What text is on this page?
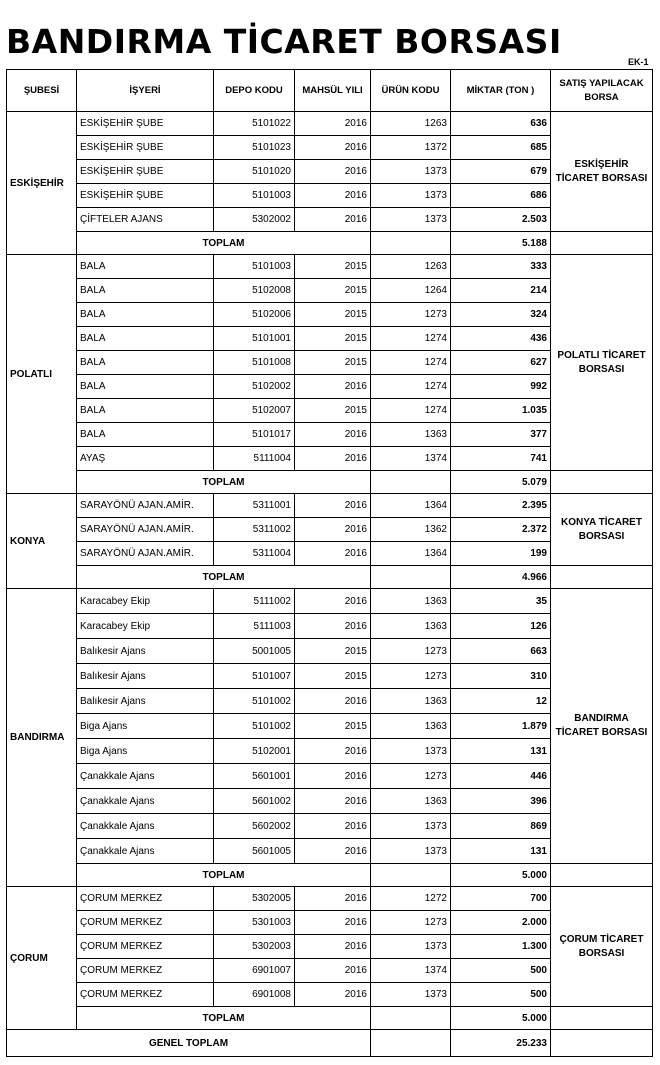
BANDIRMA TİCARET BORSASI
EK-1
ŞUBESİ	İŞYERİ	DEPO KODU	MAHSÜL YILI	ÜRÜN KODU	MİKTAR (TON )	SATIŞ YAPILACAK BORSA
ESKİŞEHİR	ESKİŞEHİR ŞUBE	5101022	2016	1263	636	ESKİŞEHİR TİCARET BORSASI
	ESKİŞEHİR ŞUBE	5101023	2016	1372	685	
	ESKİŞEHİR ŞUBE	5101020	2016	1373	679	
	ESKİŞEHİR ŞUBE	5101003	2016	1373	686	
	ÇİFTELER AJANS	5302002	2016	1373	2.503	
	TOPLAM				5.188	
POLATLI	BALA	5101003	2015	1263	333	POLATLI TİCARET BORSASI
	BALA	5102008	2015	1264	214	
	BALA	5102006	2015	1273	324	
	BALA	5101001	2015	1274	436	
	BALA	5101008	2015	1274	627	
	BALA	5102002	2016	1274	992	
	BALA	5102007	2015	1274	1.035	
	BALA	5101017	2016	1363	377	
	AYAŞ	5111004	2016	1374	741	
	TOPLAM				5.079	
KONYA	SARAYÖNÜ AJAN.AMİR.	5311001	2016	1364	2.395	KONYA TİCARET BORSASI
	SARAYÖNÜ AJAN.AMİR.	5311002	2016	1362	2.372	
	SARAYÖNÜ AJAN.AMİR.	5311004	2016	1364	199	
	TOPLAM				4.966	
BANDIRMA	Karacabey Ekip	5111002	2016	1363	35	BANDIRMA TİCARET BORSASI
	Karacabey Ekip	5111003	2016	1363	126	
	Balıkesir Ajans	5001005	2015	1273	663	
	Balıkesir Ajans	5101007	2015	1273	310	
	Balıkesir Ajans	5101002	2016	1363	12	
	Biga Ajans	5101002	2015	1363	1.879	
	Biga Ajans	5102001	2016	1373	131	
	Çanakkale Ajans	5601001	2016	1273	446	
	Çanakkale Ajans	5601002	2016	1363	396	
	Çanakkale Ajans	5602002	2016	1373	869	
	Çanakkale Ajans	5601005	2016	1373	131	
	TOPLAM				5.000	
ÇORUM	ÇORUM MERKEZ	5302005	2016	1272	700	ÇORUM TİCARET BORSASI
	ÇORUM MERKEZ	5301003	2016	1273	2.000	
	ÇORUM MERKEZ	5302003	2016	1373	1.300	
	ÇORUM MERKEZ	6901007	2016	1374	500	
	ÇORUM MERKEZ	6901008	2016	1373	500	
	TOPLAM				5.000	
GENEL TOPLAM					25.233	
